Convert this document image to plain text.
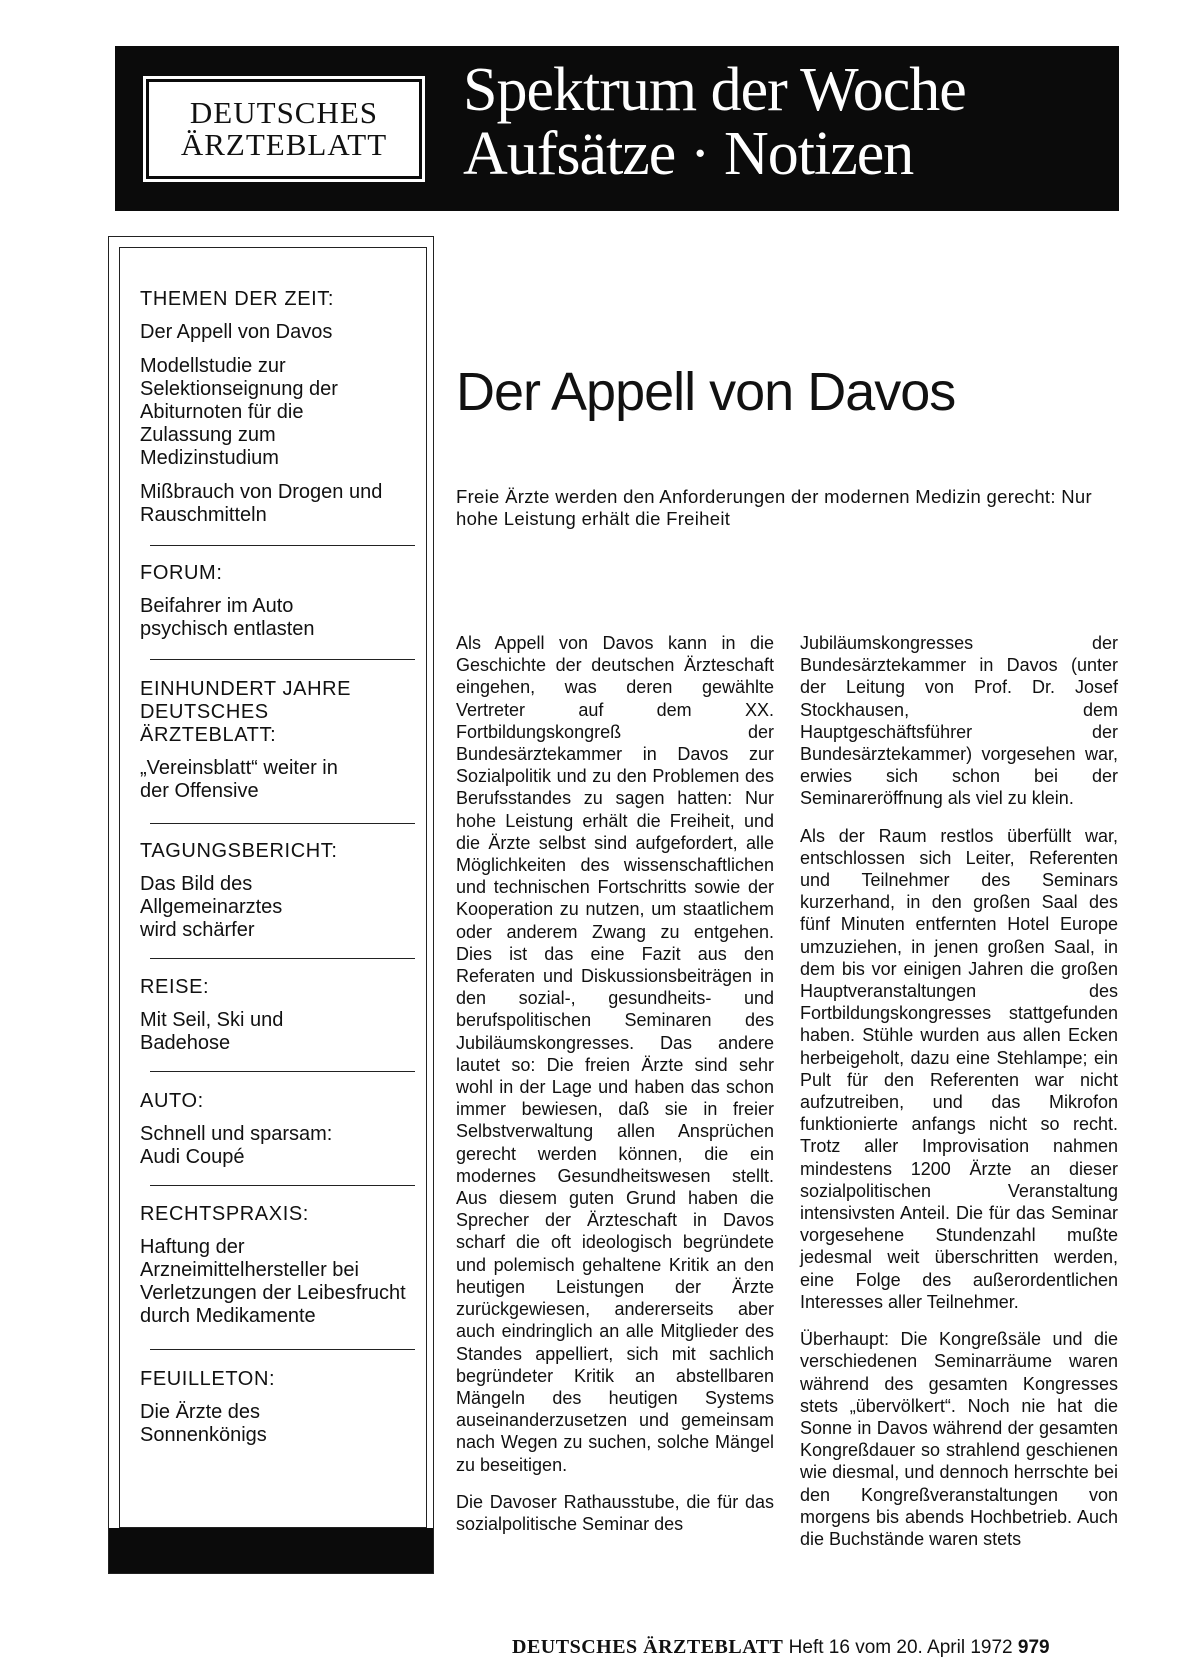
DEUTSCHES
ÄRZTEBLATT
Spektrum der Woche
Aufsätze · Notizen
THEMEN DER ZEIT:
Der Appell von Davos
Modellstudie zur Selektionseignung der Abiturnoten für die Zulassung zum Medizinstudium
Mißbrauch von Drogen und Rauschmitteln
FORUM:
Beifahrer im Auto psychisch entlasten
EINHUNDERT JAHRE DEUTSCHES ÄRZTEBLATT:
„Vereinsblatt“ weiter in der Offensive
TAGUNGSBERICHT:
Das Bild des Allgemeinarztes wird schärfer
REISE:
Mit Seil, Ski und Badehose
AUTO:
Schnell und sparsam: Audi Coupé
RECHTSPRAXIS:
Haftung der Arzneimittelhersteller bei Verletzungen der Leibesfrucht durch Medikamente
FEUILLETON:
Die Ärzte des Sonnenkönigs
Der Appell von Davos
Freie Ärzte werden den Anforderungen der modernen Medizin gerecht: Nur hohe Leistung erhält die Freiheit

Als Appell von Davos kann in die Geschichte der deutschen Ärzteschaft eingehen, was deren gewählte Vertreter auf dem XX. Fortbildungskongreß der Bundesärztekammer in Davos zur Sozialpolitik und zu den Problemen des Berufsstandes zu sagen hatten: Nur hohe Leistung erhält die Freiheit, und die Ärzte selbst sind aufgefordert, alle Möglichkeiten des wissenschaftlichen und technischen Fortschritts sowie der Kooperation zu nutzen, um staatlichem oder anderem Zwang zu entgehen. Dies ist das eine Fazit aus den Referaten und Diskussionsbeiträgen in den sozial-, gesundheits- und berufspolitischen Seminaren des Jubiläumskongresses. Das andere lautet so: Die freien Ärzte sind sehr wohl in der Lage und haben das schon immer bewiesen, daß sie in freier Selbstverwaltung allen Ansprüchen gerecht werden können, die ein modernes Gesundheitswesen stellt. Aus diesem guten Grund haben die Sprecher der Ärzteschaft in Davos scharf die oft ideologisch begründete und polemisch gehaltene Kritik an den heutigen Leistungen der Ärzte zurückgewiesen, andererseits aber auch eindringlich an alle Mitglieder des Standes appelliert, sich mit sachlich begründeter Kritik an abstellbaren Mängeln des heutigen Systems auseinanderzusetzen und gemeinsam nach Wegen zu suchen, solche Mängel zu beseitigen.

Die Davoser Rathausstube, die für das sozialpolitische Seminar des

Jubiläumskongresses der Bundesärztekammer in Davos (unter der Leitung von Prof. Dr. Josef Stockhausen, dem Hauptgeschäftsführer der Bundesärztekammer) vorgesehen war, erwies sich schon bei der Seminareröffnung als viel zu klein.

Als der Raum restlos überfüllt war, entschlossen sich Leiter, Referenten und Teilnehmer des Seminars kurzerhand, in den großen Saal des fünf Minuten entfernten Hotel Europe umzuziehen, in jenen großen Saal, in dem bis vor einigen Jahren die großen Hauptveranstaltungen des Fortbildungskongresses stattgefunden haben. Stühle wurden aus allen Ecken herbeigeholt, dazu eine Stehlampe; ein Pult für den Referenten war nicht aufzutreiben, und das Mikrofon funktionierte anfangs nicht so recht. Trotz aller Improvisation nahmen mindestens 1200 Ärzte an dieser sozialpolitischen Veranstaltung intensivsten Anteil. Die für das Seminar vorgesehene Stundenzahl mußte jedesmal weit überschritten werden, eine Folge des außerordentlichen Interesses aller Teilnehmer.

Überhaupt: Die Kongreßsäle und die verschiedenen Seminarräume waren während des gesamten Kongresses stets „übervölkert“. Noch nie hat die Sonne in Davos während der gesamten Kongreßdauer so strahlend geschienen wie diesmal, und dennoch herrschte bei den Kongreßveranstaltungen von morgens bis abends Hochbetrieb. Auch die Buchstände waren stets

DEUTSCHES ÄRZTEBLATT Heft 16 vom 20. April 1972 979
